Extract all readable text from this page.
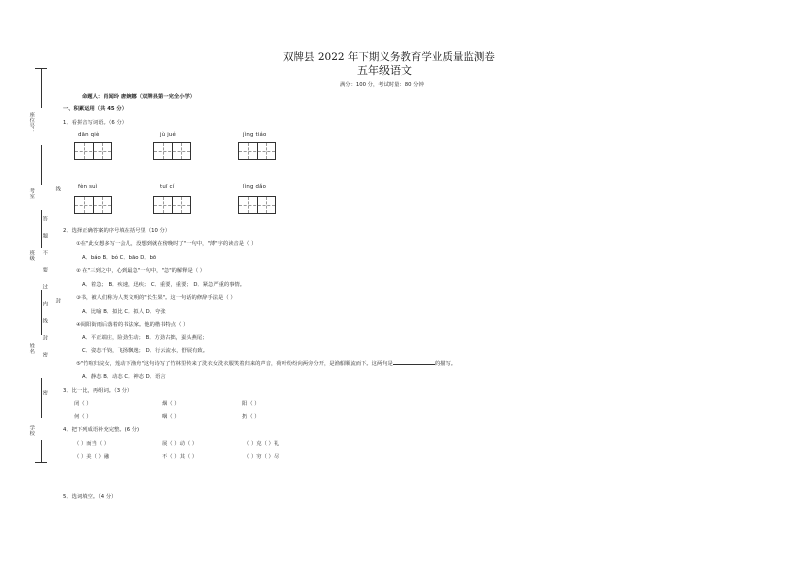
座位号：
考室	线
班级 答 题 不 要 过 内 线 封 密 封
姓名
密
学校
双牌县 2022 年下期义务教育学业质量监测卷
五年级语文
满分：100 分，考试时量：80 分钟
命题人：肖闻玲 唐婉娜（双牌县第一完全小学）
一、积累运用（共 45 分）
1．看拼音写词语。（6 分）
dān qiè	jù jué	jìng tiáo
fèn suì	tuī cí	lìng dǎo
2．选择正确答案的序号填在括号里（10 分）
①在"此女想多写一会儿，没想到就在傍晚时了"一句中，"薄"字的读音是（ ）
A．báo B．bó C．bāo D．bō
② 在"三到之中，心到最急"一句中，"急"的解释是（ ）
A．着急； B．疾速，迅疾； C．重要，重要； D．紧急严重的事情。
③书，被人们称为人类文明的"长生果"。这一句话的修辞手法是（ ）
A．比喻 B．拟比 C．拟人 D．夸张
④阅阳街雨后落着的书法家。他的楷书特点（ ）
A．平正端庄，险劲生动； B．方劲古拙，蚕头燕尾；
C．姿态千钧，飞扬飘逸； D．行云流水，舒展有致。
⑤"竹喧归浣女，莲动下渔舟"这句诗写了竹林里传来了洗衣女洗衣服笑着归来的声音，荷叶纷纷向两旁分开，是渔船顺流而下。这两句是	的描写。
A．静态 B．动态 C．神态 D．语言
3．比一比，再组词。（3 分）
闭（ ）	烟（ ）	阳（ ）
何（ ）	咽（ ）	扔（ ）
4．把下列成语补充完整。(6 分)
（ ）而当（ ）	展（ ）动（ ）	（ ）克（ ）礼
（ ）美（ ）融	不（ ）其（ ）	（ ）穷（ ）尽
5．选词填空。（4 分）
